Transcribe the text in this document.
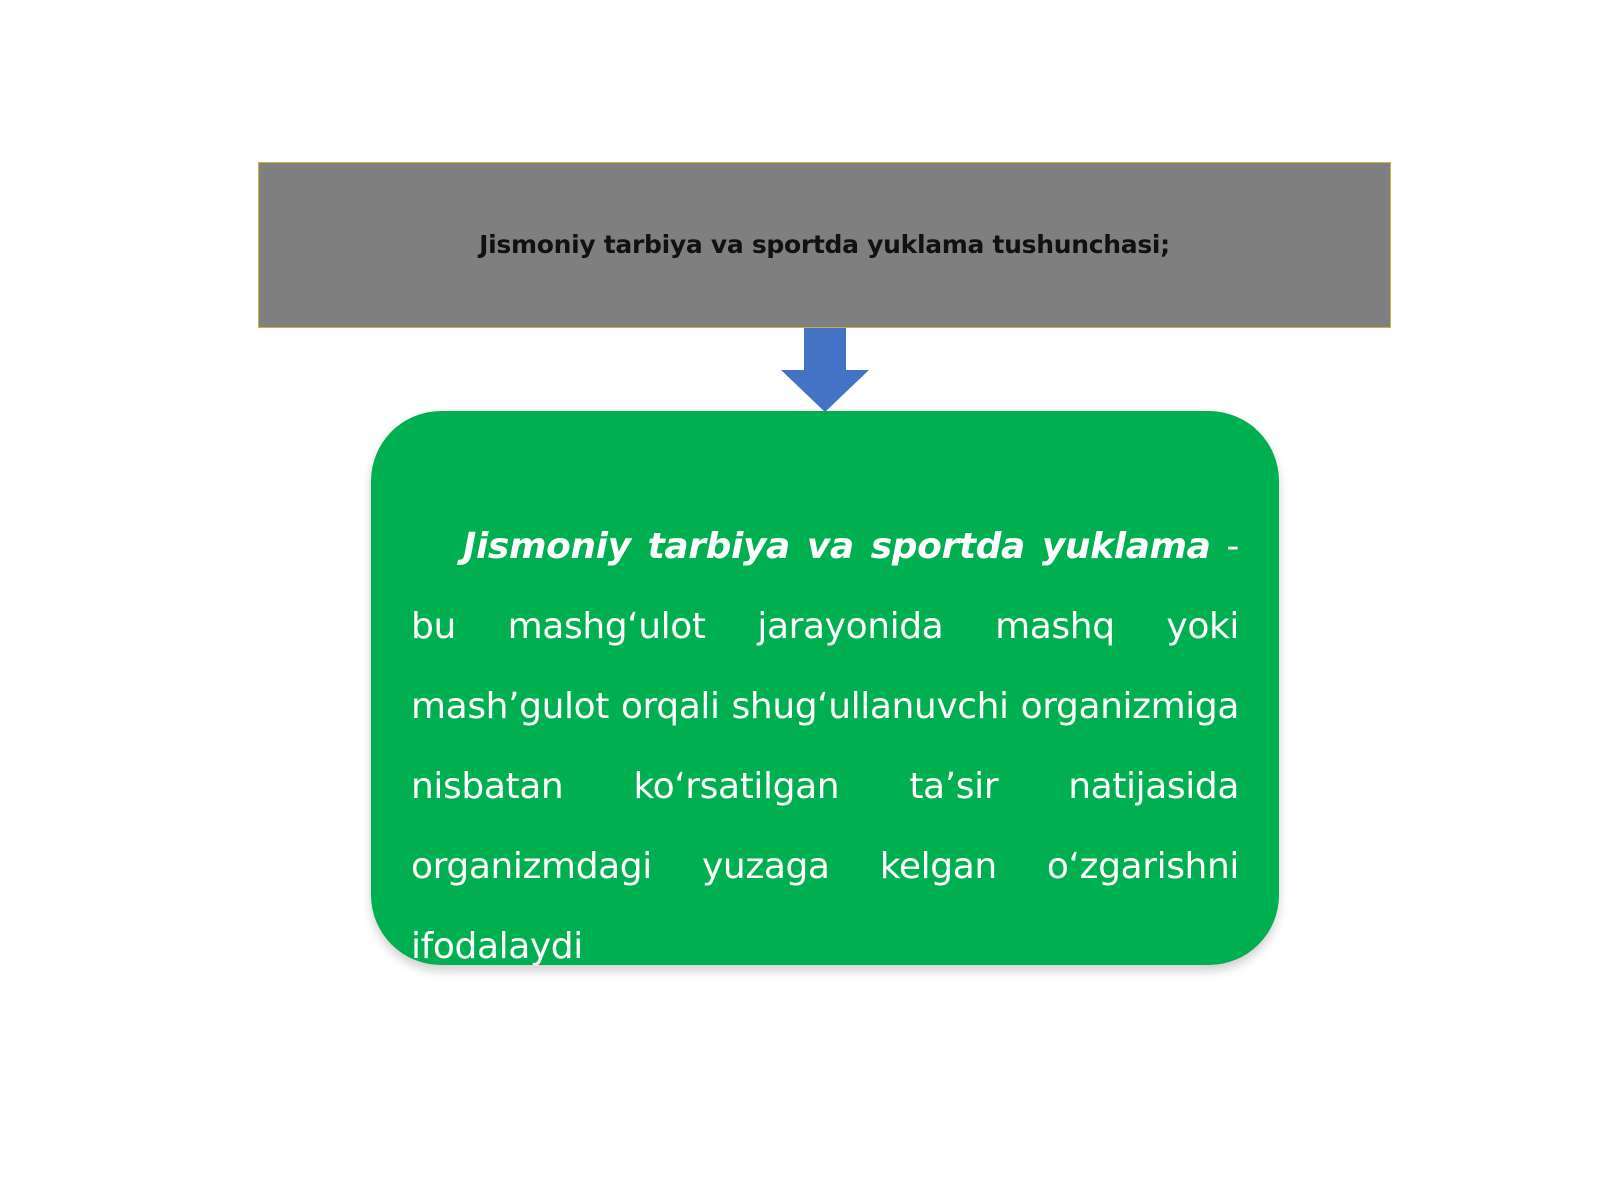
Jismoniy tarbiya va sportda yuklama tushunchasi;

Jismoniy tarbiya va sportda yuklama - bu mashg‘ulot jarayonida mashq yoki mash’gulot orqali shug‘ullanuvchi organizmiga nisbatan ko‘rsatilgan ta’sir natijasida organizmdagi yuzaga kelgan o‘zgarishni ifodalaydi
